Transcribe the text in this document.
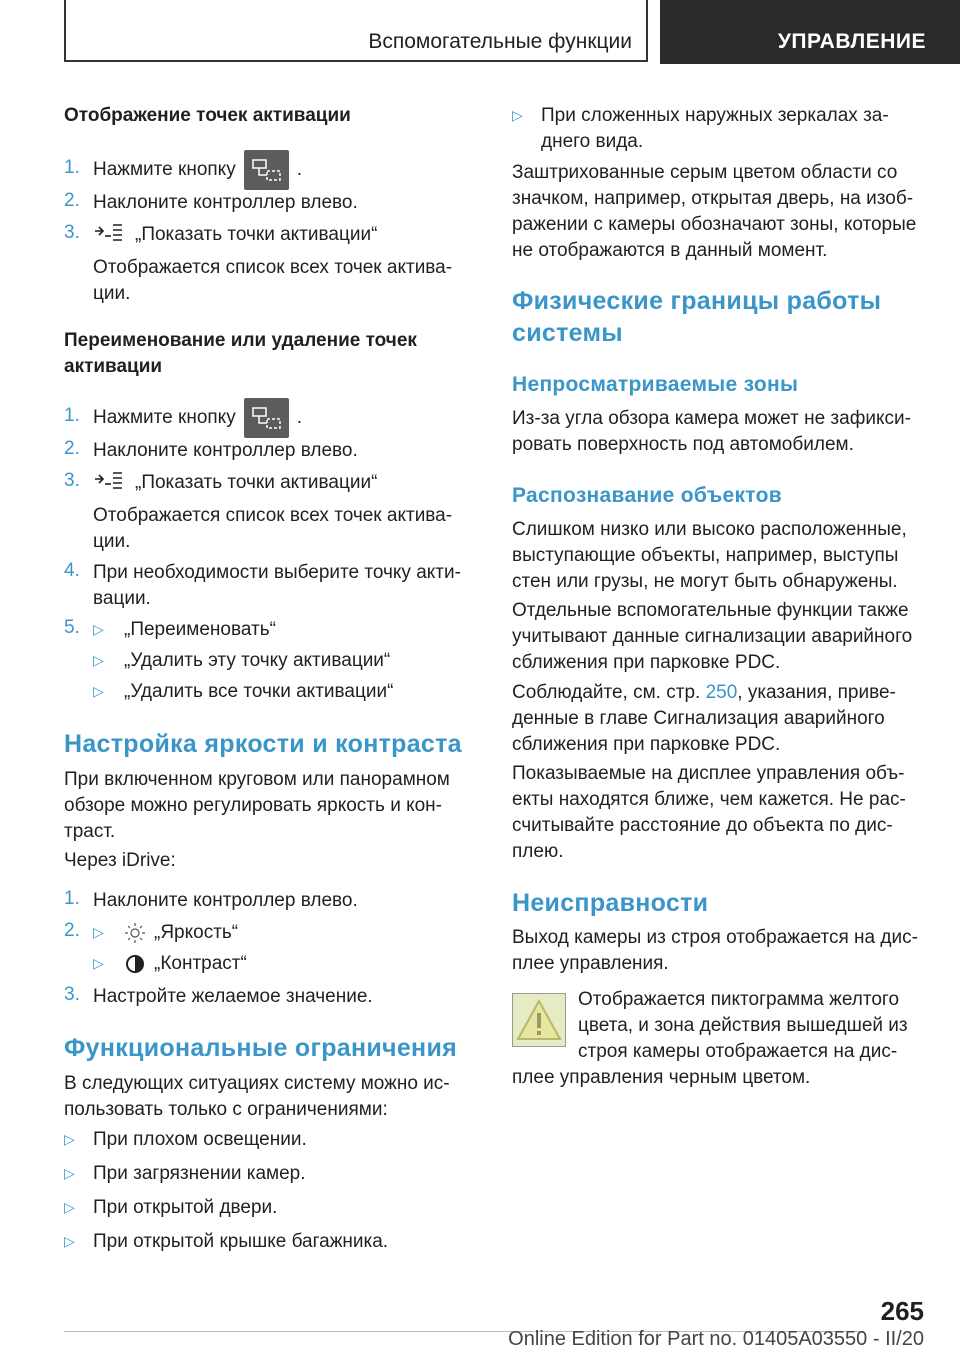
Вспомогательные функции	УПРАВЛЕНИЕ
Отображение точек активации
1. Нажмите кнопку	.
2. Наклоните контроллер влево.
3.	„Показать точки активации“
Отображается список всех точек актива-
ции.
Переименование или удаление точек
активации
1. Нажмите кнопку	.
2. Наклоните контроллер влево.
3.	„Показать точки активации“
Отображается список всех точек актива-
ции.
4. При необходимости выберите точку акти-
вации.
5. ▷ „Переименовать“
▷ „Удалить эту точку активации“
▷ „Удалить все точки активации“
Настройка яркости и контраста
При включенном круговом или панорамном
обзоре можно регулировать яркость и кон-
траст.
Через iDrive:
1. Наклоните контроллер влево.
2. ▷	„Яркость“
▷	„Контраст“
3. Настройте желаемое значение.
Функциональные ограничения
В следующих ситуациях систему можно ис-
пользовать только с ограничениями:
▷ При плохом освещении.
▷ При загрязнении камер.
▷ При открытой двери.
▷ При открытой крышке багажника.
▷ При сложенных наружных зеркалах за-
днего вида.
Заштрихованные серым цветом области со
значком, например, открытая дверь, на изоб-
ражении с камеры обозначают зоны, которые
не отображаются в данный момент.
Физические границы работы
системы
Непросматриваемые зоны
Из-за угла обзора камера может не зафикси-
ровать поверхность под автомобилем.
Распознавание объектов
Слишком низко или высоко расположенные,
выступающие объекты, например, выступы
стен или грузы, не могут быть обнаружены.
Отдельные вспомогательные функции также
учитывают данные сигнализации аварийного
сближения при парковке PDC.
Соблюдайте, см. стр. 250, указания, приве-
денные в главе Сигнализация аварийного
сближения при парковке PDC.
Показываемые на дисплее управления объ-
екты находятся ближе, чем кажется. Не рас-
считывайте расстояние до объекта по дис-
плею.
Неисправности
Выход камеры из строя отображается на дис-
плее управления.
Отображается пиктограмма желтого
цвета, и зона действия вышедшей из
строя камеры отображается на дис-
плее управления черным цветом.
265
Online Edition for Part no. 01405A03550 - II/20
